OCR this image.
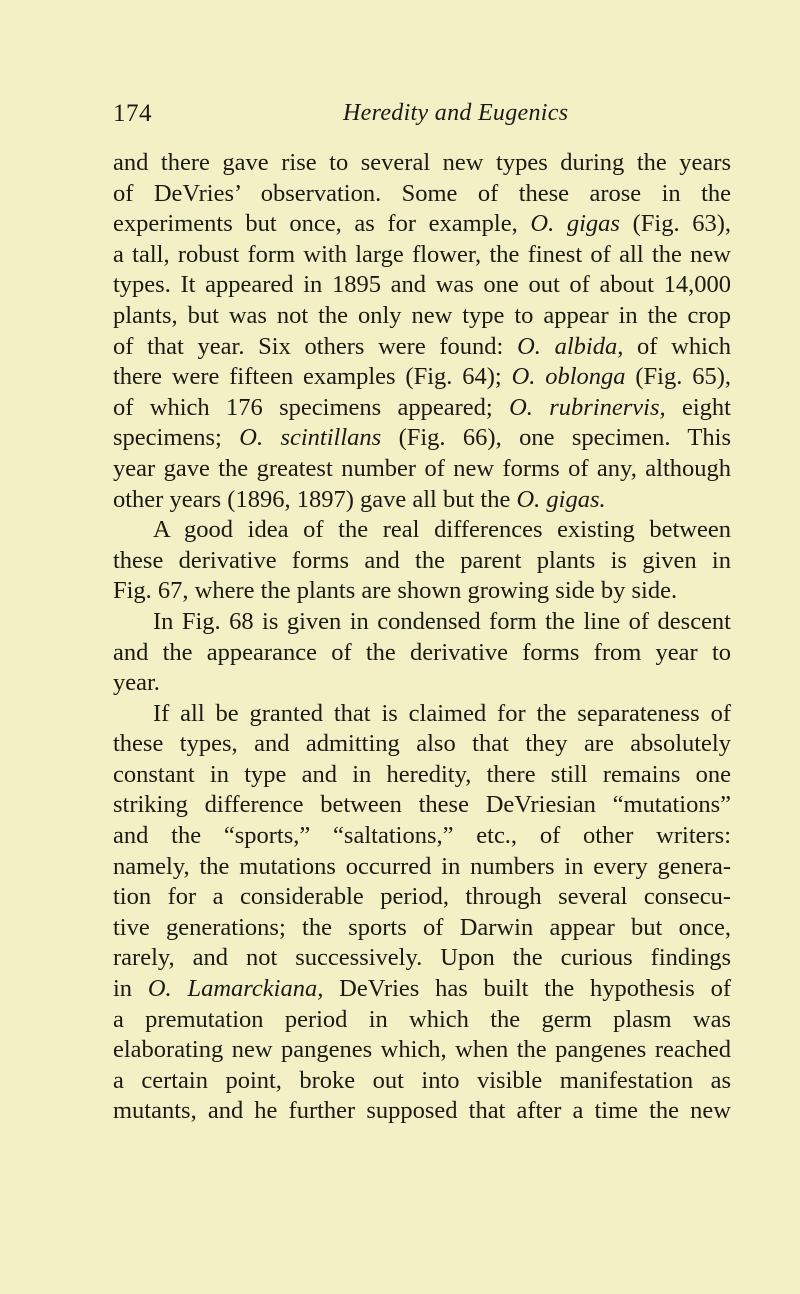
174	Heredity and Eugenics
and there gave rise to several new types during the years
of DeVries’ observation. Some of these arose in the
experiments but once, as for example, O. gigas (Fig. 63),
a tall, robust form with large flower, the finest of all the new
types. It appeared in 1895 and was one out of about 14,000
plants, but was not the only new type to appear in the crop
of that year. Six others were found: O. albida, of which
there were fifteen examples (Fig. 64); O. oblonga (Fig. 65),
of which 176 specimens appeared; O. rubrinervis, eight
specimens; O. scintillans (Fig. 66), one specimen. This
year gave the greatest number of new forms of any, although
other years (1896, 1897) gave all but the O. gigas.
A good idea of the real differences existing between
these derivative forms and the parent plants is given in
Fig. 67, where the plants are shown growing side by side.
In Fig. 68 is given in condensed form the line of descent
and the appearance of the derivative forms from year to
year.
If all be granted that is claimed for the separateness of
these types, and admitting also that they are absolutely
constant in type and in heredity, there still remains one
striking difference between these DeVriesian “mutations”
and the “sports,” “saltations,” etc., of other writers:
namely, the mutations occurred in numbers in every genera-
tion for a considerable period, through several consecu-
tive generations; the sports of Darwin appear but once,
rarely, and not successively. Upon the curious findings
in O. Lamarckiana, DeVries has built the hypothesis of
a premutation period in which the germ plasm was
elaborating new pangenes which, when the pangenes reached
a certain point, broke out into visible manifestation as
mutants, and he further supposed that after a time the new
